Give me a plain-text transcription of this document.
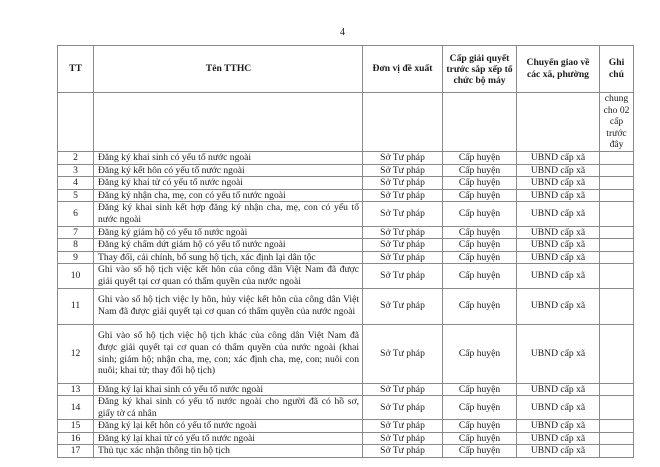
4
TT	Tên TTHC	Đơn vị đề xuất	Cấp giải quyết trước sắp xếp tổ chức bộ máy	Chuyển giao về các xã, phường	Ghi chú
					chung cho 02 cấp trước đây
2	Đăng ký khai sinh có yếu tố nước ngoài	Sở Tư pháp	Cấp huyện	UBND cấp xã	
3	Đăng ký kết hôn có yếu tố nước ngoài	Sở Tư pháp	Cấp huyện	UBND cấp xã	
4	Đăng ký khai tử có yếu tố nước ngoài	Sở Tư pháp	Cấp huyện	UBND cấp xã	
5	Đăng ký nhận cha, mẹ, con có yếu tố nước ngoài	Sở Tư pháp	Cấp huyện	UBND cấp xã	
6	Đăng ký khai sinh kết hợp đăng ký nhận cha, mẹ, con có yếu tố nước ngoài	Sở Tư pháp	Cấp huyện	UBND cấp xã	
7	Đăng ký giám hộ có yếu tố nước ngoài	Sở Tư pháp	Cấp huyện	UBND cấp xã	
8	Đăng ký chấm dứt giám hộ có yếu tố nước ngoài	Sở Tư pháp	Cấp huyện	UBND cấp xã	
9	Thay đổi, cải chính, bổ sung hộ tịch, xác định lại dân tộc	Sở Tư pháp	Cấp huyện	UBND cấp xã	
10	Ghi vào sổ hộ tịch việc kết hôn của công dân Việt Nam đã được giải quyết tại cơ quan có thẩm quyền của nước ngoài	Sở Tư pháp	Cấp huyện	UBND cấp xã	
11	Ghi vào sổ hộ tịch việc ly hôn, hủy việc kết hôn của công dân Việt Nam đã được giải quyết tại cơ quan có thẩm quyền của nước ngoài	Sở Tư pháp	Cấp huyện	UBND cấp xã	
12	Ghi vào sổ hộ tịch việc hộ tịch khác của công dân Việt Nam đã được giải quyết tại cơ quan có thẩm quyền của nước ngoài (khai sinh; giám hộ; nhận cha, mẹ, con; xác định cha, mẹ, con; nuôi con nuôi; khai tử; thay đổi hộ tịch)	Sở Tư pháp	Cấp huyện	UBND cấp xã	
13	Đăng ký lại khai sinh có yếu tố nước ngoài	Sở Tư pháp	Cấp huyện	UBND cấp xã	
14	Đăng ký khai sinh có yếu tố nước ngoài cho người đã có hồ sơ, giấy tờ cá nhân	Sở Tư pháp	Cấp huyện	UBND cấp xã	
15	Đăng ký lại kết hôn có yếu tố nước ngoài	Sở Tư pháp	Cấp huyện	UBND cấp xã	
16	Đăng ký lại khai tử có yếu tố nước ngoài	Sở Tư pháp	Cấp huyện	UBND cấp xã	
17	Thủ tục xác nhận thông tin hộ tịch	Sở Tư pháp	Cấp huyện	UBND cấp xã	
